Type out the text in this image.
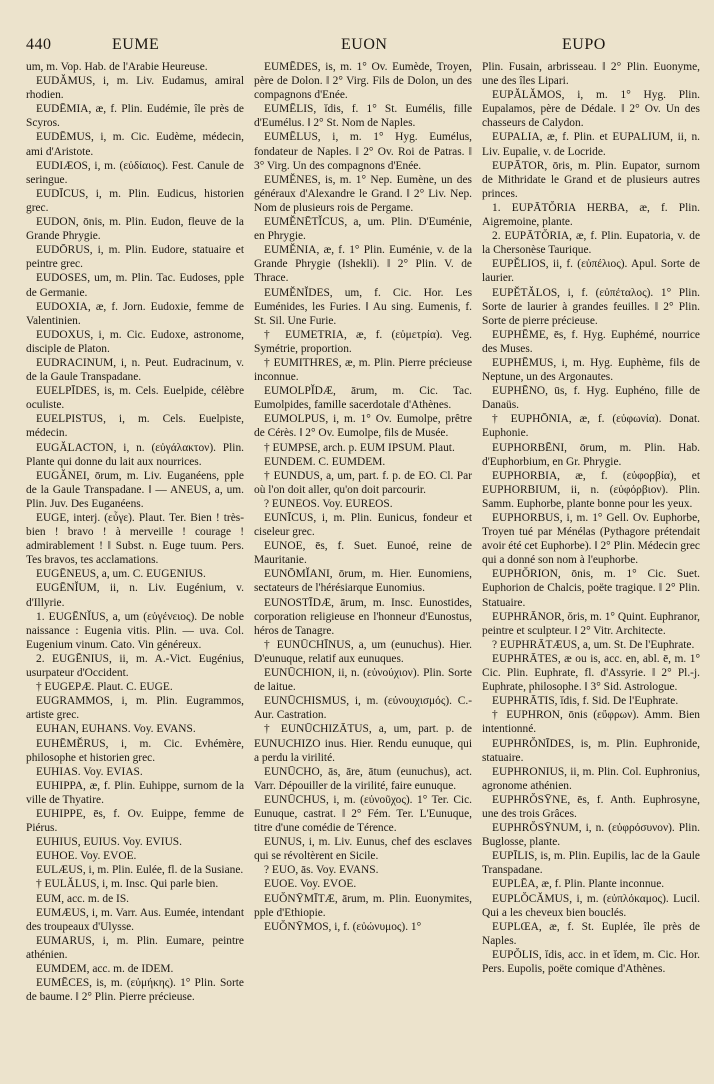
440	EUME	EUON	EUPO

um, m. Vop. Hab. de l'Arabie Heureuse.

EUDĂMUS, i, m. Liv. Eudamus, amiral rhodien.

EUDĒMIA, æ, f. Plin. Eudémie, île près de Scyros.

EUDĒMUS, i, m. Cic. Eudème, médecin, ami d'Aristote.

EUDIÆOS, i, m. (εὐδίαιος). Fest. Canule de seringue.

EUDĪCUS, i, m. Plin. Eudicus, historien grec.

EUDON, ōnis, m. Plin. Eudon, fleuve de la Grande Phrygie.

EUDŌRUS, i, m. Plin. Eudore, statuaire et peintre grec.

EUDOSES, um, m. Plin. Tac. Eudoses, pple de Germanie.

EUDOXIA, æ, f. Jorn. Eudoxie, femme de Valentinien.

EUDOXUS, i, m. Cic. Eudoxe, astronome, disciple de Platon.

EUDRACINUM, i, n. Peut. Eudracinum, v. de la Gaule Transpadane.

EUELPĪDES, is, m. Cels. Euelpide, célèbre oculiste.

EUELPISTUS, i, m. Cels. Euelpiste, médecin.

EUGĂLACTON, i, n. (εὐγάλακτον). Plin. Plante qui donne du lait aux nourrices.

EUGĂNEI, ōrum, m. Liv. Euganéens, pple de la Gaule Transpadane. ‖ — ANEUS, a, um. Plin. Juv. Des Euganéens.

EUGE, interj. (εὖγε). Plaut. Ter. Bien ! très-bien ! bravo ! à merveille ! courage ! admirablement ! ‖ Subst. n. Euge tuum. Pers. Tes bravos, tes acclamations.

EUGĒNEUS, a, um. C. EUGENIUS.

EUGĒNĬUM, ii, n. Liv. Eugénium, v. d'Illyrie.

1. EUGĒNĬUS, a, um (εὐγένειος). De noble naissance : Eugenia vitis. Plin. — uva. Col. Eugenium vinum. Cato. Vin généreux.

2. EUGĒNIUS, ii, m. A.-Vict. Eugénius, usurpateur d'Occident.

† EUGEPÆ. Plaut. C. EUGE.

EUGRAMMOS, i, m. Plin. Eugrammos, artiste grec.

EUHAN, EUHANS. Voy. EVANS.

EUHĒMĔRUS, i, m. Cic. Evhémère, philosophe et historien grec.

EUHIAS. Voy. EVIAS.

EUHIPPA, æ, f. Plin. Euhippe, surnom de la ville de Thyatire.

EUHIPPE, ēs, f. Ov. Euippe, femme de Piérus.

EUHIUS, EUIUS. Voy. EVIUS.

EUHOE. Voy. EVOE.

EULÆUS, i, m. Plin. Eulée, fl. de la Susiane.

† EULĂLUS, i, m. Insc. Qui parle bien.

EUM, acc. m. de IS.

EUMÆUS, i, m. Varr. Aus. Eumée, intendant des troupeaux d'Ulysse.

EUMARUS, i, m. Plin. Eumare, peintre athénien.

EUMDEM, acc. m. de IDEM.

EUMĒCES, is, m. (εὐμήκης). 1° Plin. Sorte de baume. ‖ 2° Plin. Pierre précieuse.

EUMĒDES, is, m. 1° Ov. Eumède, Troyen, père de Dolon. ‖ 2° Virg. Fils de Dolon, un des compagnons d'Enée.

EUMĒLIS, ĭdis, f. 1° St. Eumélis, fille d'Eumélus. ‖ 2° St. Nom de Naples.

EUMĒLUS, i, m. 1° Hyg. Eumélus, fondateur de Naples. ‖ 2° Ov. Roi de Patras. ‖ 3° Virg. Un des compagnons d'Enée.

EUMĔNES, is, m. 1° Nep. Eumène, un des généraux d'Alexandre le Grand. ‖ 2° Liv. Nep. Nom de plusieurs rois de Pergame.

EUMĔNĒTĬCUS, a, um. Plin. D'Euménie, en Phrygie.

EUMĔNIA, æ, f. 1° Plin. Euménie, v. de la Grande Phrygie (Ishekli). ‖ 2° Plin. V. de Thrace.

EUMĔNĬDES, um, f. Cic. Hor. Les Euménides, les Furies. ‖ Au sing. Eumenis, f. St. Sil. Une Furie.

† EUMETRIA, æ, f. (εὐμετρία). Veg. Symétrie, proportion.

† EUMITHRES, æ, m. Plin. Pierre précieuse inconnue.

EUMOLPĬDÆ, ārum, m. Cic. Tac. Eumolpides, famille sacerdotale d'Athènes.

EUMOLPUS, i, m. 1° Ov. Eumolpe, prêtre de Cérès. ‖ 2° Ov. Eumolpe, fils de Musée.

† EUMPSE, arch. p. EUM IPSUM. Plaut.

EUNDEM. C. EUMDEM.

† EUNDUS, a, um, part. f. p. de EO. Cl. Par où l'on doit aller, qu'on doit parcourir.

? EUNEOS. Voy. EUREOS.

EUNĪCUS, i, m. Plin. Eunicus, fondeur et ciseleur grec.

EUNOE, ēs, f. Suet. Eunoé, reine de Mauritanie.

EUNŌMĬANI, ōrum, m. Hier. Eunomiens, sectateurs de l'hérésiarque Eunomius.

EUNOSTĪDÆ, ārum, m. Insc. Eunostides, corporation religieuse en l'honneur d'Eunostus, héros de Tanagre.

† EUNŪCHĪNUS, a, um (eunuchus). Hier. D'eunuque, relatif aux eunuques.

EUNŪCHION, ii, n. (εὐνούχιον). Plin. Sorte de laitue.

EUNŪCHISMUS, i, m. (εὐνουχισμός). C.-Aur. Castration.

† EUNŪCHIZĀTUS, a, um, part. p. de EUNUCHIZO inus. Hier. Rendu eunuque, qui a perdu la virilité.

EUNŪCHO, ās, āre, ātum (eunuchus), act. Varr. Dépouiller de la virilité, faire eunuque.

EUNŪCHUS, i, m. (εὐνοῦχος). 1° Ter. Cic. Eunuque, castrat. ‖ 2° Fém. Ter. L'Eunuque, titre d'une comédie de Térence.

EUNUS, i, m. Liv. Eunus, chef des esclaves qui se révoltèrent en Sicile.

? EUO, ās. Voy. EVANS.

EUOE. Voy. EVOE.

EUŎNȲMĪTÆ, ārum, m. Plin. Euonymites, pple d'Ethiopie.

EUŎNȲMOS, i, f. (εὐώνυμος). 1°

Plin. Fusain, arbrisseau. ‖ 2° Plin. Euonyme, une des îles Lipari.

EUPĂLĂMOS, i, m. 1° Hyg. Plin. Eupalamos, père de Dédale. ‖ 2° Ov. Un des chasseurs de Calydon.

EUPALIA, æ, f. Plin. et EUPALIUM, ii, n. Liv. Eupalie, v. de Locride.

EUPĀTOR, ōris, m. Plin. Eupator, surnom de Mithridate le Grand et de plusieurs autres princes.

1. EUPĀTŎRIA HERBA, æ, f. Plin. Aigremoine, plante.

2. EUPĀTŎRIA, æ, f. Plin. Eupatoria, v. de la Chersonèse Taurique.

EUPĔLIOS, ii, f. (εὐπέλιος). Apul. Sorte de laurier.

EUPĔTĂLOS, i, f. (εὐπέταλος). 1° Plin. Sorte de laurier à grandes feuilles. ‖ 2° Plin. Sorte de pierre précieuse.

EUPHĒME, ēs, f. Hyg. Euphémé, nourrice des Muses.

EUPHĒMUS, i, m. Hyg. Euphème, fils de Neptune, un des Argonautes.

EUPHĒNO, ūs, f. Hyg. Euphéno, fille de Danaüs.

† EUPHŌNIA, æ, f. (εὐφωνία). Donat. Euphonie.

EUPHORBĒNI, ōrum, m. Plin. Hab. d'Euphorbium, en Gr. Phrygie.

EUPHORBIA, æ, f. (εὐφορβία), et EUPHORBIUM, ii, n. (εὐφόρβιον). Plin. Samm. Euphorbe, plante bonne pour les yeux.

EUPHORBUS, i, m. 1° Gell. Ov. Euphorbe, Troyen tué par Ménélas (Pythagore prétendait avoir été cet Euphorbe). ‖ 2° Plin. Médecin grec qui a donné son nom à l'euphorbe.

EUPHŎRION, ōnis, m. 1° Cic. Suet. Euphorion de Chalcis, poëte tragique. ‖ 2° Plin. Statuaire.

EUPHRĀNOR, ŏris, m. 1° Quint. Euphranor, peintre et sculpteur. ‖ 2° Vitr. Architecte.

? EUPHRĀTÆUS, a, um. St. De l'Euphrate.

EUPHRĀTES, æ ou is, acc. en, abl. ē, m. 1° Cic. Plin. Euphrate, fl. d'Assyrie. ‖ 2° Pl.-j. Euphrate, philosophe. ‖ 3° Sid. Astrologue.

EUPHRĀTIS, ĭdis, f. Sid. De l'Euphrate.

† EUPHRON, ōnis (εὔφρων). Amm. Bien intentionné.

EUPHRŎNĪDES, is, m. Plin. Euphronide, statuaire.

EUPHRONIUS, ii, m. Plin. Col. Euphronius, agronome athénien.

EUPHRŎSȲNE, ēs, f. Anth. Euphrosyne, une des trois Grâces.

EUPHRŎSȲNUM, i, n. (εὐφρόσυνον). Plin. Buglosse, plante.

EUPĪLIS, is, m. Plin. Eupilis, lac de la Gaule Transpadane.

EUPLĒA, æ, f. Plin. Plante inconnue.

EUPLŎCĂMUS, i, m. (εὐπλόκαμος). Lucil. Qui a les cheveux bien bouclés.

EUPLŒA, æ, f. St. Euplée, île près de Naples.

EUPŎLIS, ĭdis, acc. in et ĭdem, m. Cic. Hor. Pers. Eupolis, poëte comique d'Athènes.
